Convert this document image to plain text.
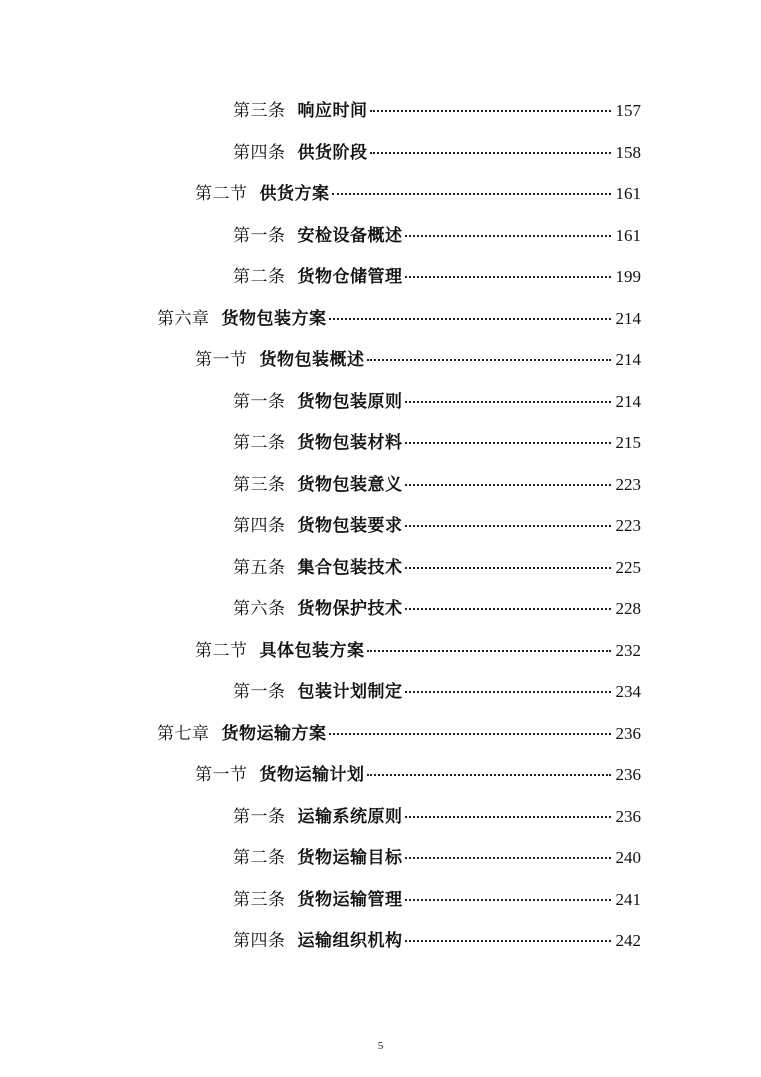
第三条 响应时间	157
第四条 供货阶段	158
第二节 供货方案	161
第一条 安检设备概述	161
第二条 货物仓储管理	199
第六章 货物包装方案	214
第一节 货物包装概述	214
第一条 货物包装原则	214
第二条 货物包装材料	215
第三条 货物包装意义	223
第四条 货物包装要求	223
第五条 集合包装技术	225
第六条 货物保护技术	228
第二节 具体包装方案	232
第一条 包装计划制定	234
第七章 货物运输方案	236
第一节 货物运输计划	236
第一条 运输系统原则	236
第二条 货物运输目标	240
第三条 货物运输管理	241
第四条 运输组织机构	242
5
